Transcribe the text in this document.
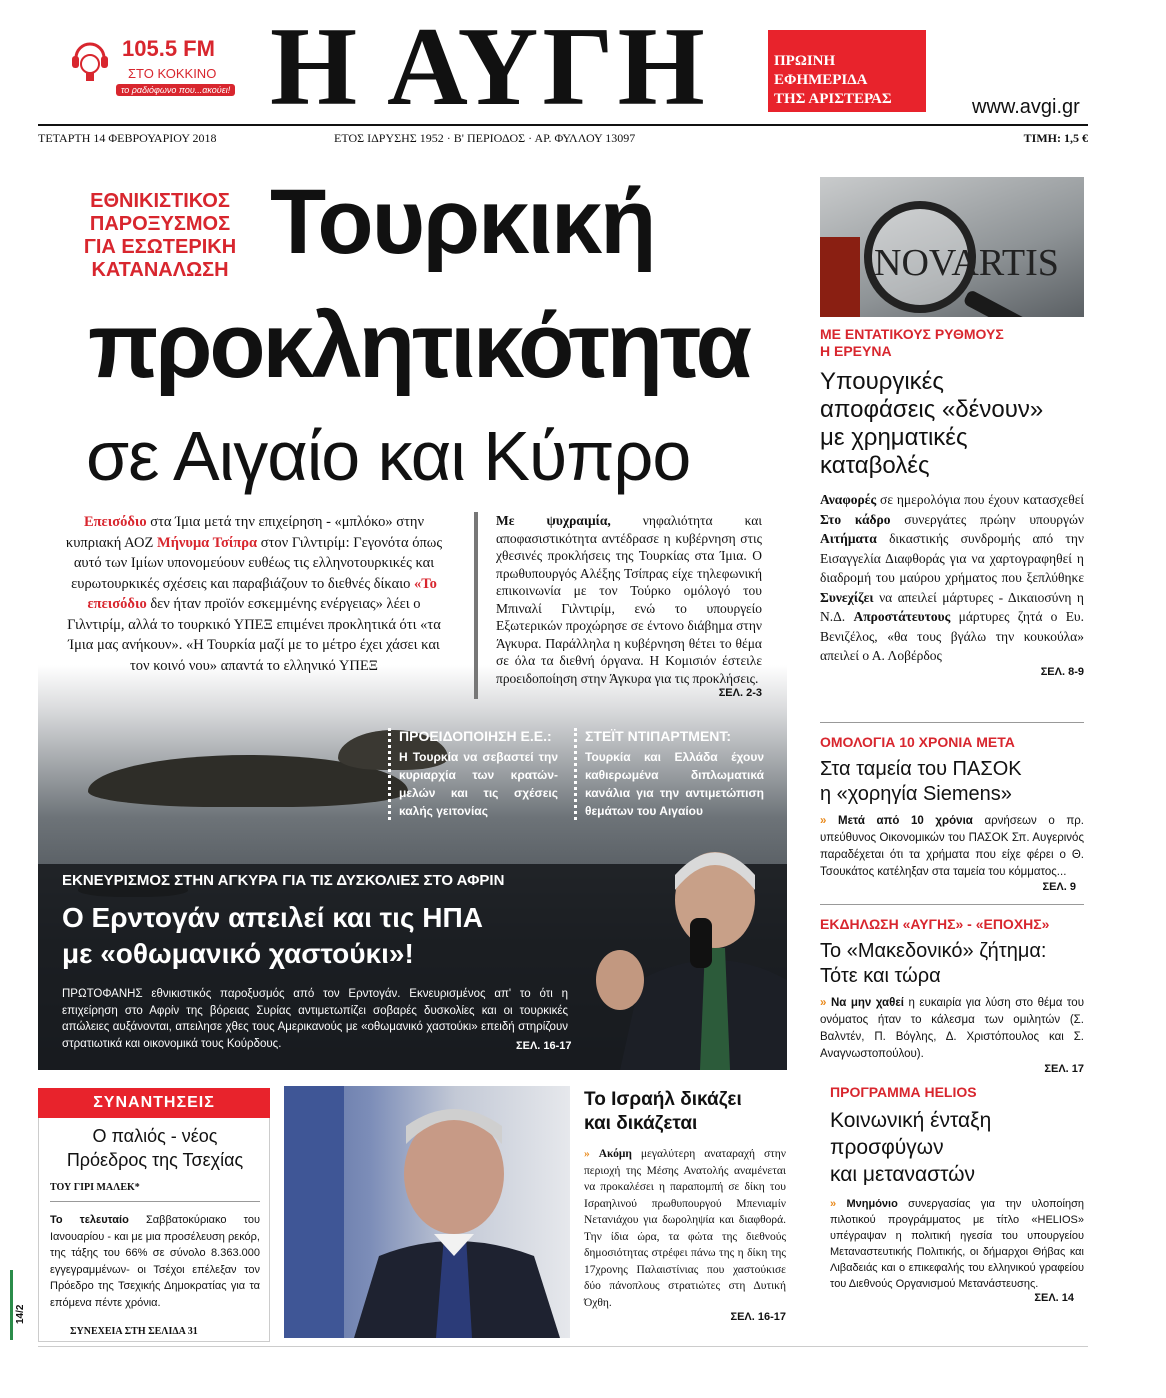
105.5 FM
ΣΤΟ ΚΟΚΚΙΝΟ
το ραδιόφωνο που...ακούει! Η ΑΥΓΗ	ΠΡΩΙΝΗ
ΕΦΗΜΕΡΙΔΑ
ΤΗΣ ΑΡΙΣΤΕΡΑΣ	www.avgi.gr
ΤΕΤΑΡΤΗ 14 ΦΕΒΡΟΥΑΡΙΟΥ 2018	ΕΤΟΣ ΙΔΡΥΣΗΣ 1952 · Β' ΠΕΡΙΟΔΟΣ · ΑΡ. ΦΥΛΛΟΥ 13097	ΤΙΜΗ: 1,5 €
ΕΘΝΙΚΙΣΤΙΚΟΣ
ΠΑΡΟΞΥΣΜΟΣ
ΓΙΑ ΕΣΩΤΕΡΙΚΗ
ΚΑΤΑΝΑΛΩΣΗ Τουρκική
προκλητικότητα
σε Αιγαίο και Κύπρο
Επεισόδιο στα Ίμια μετά την επιχείρηση - «μπλόκο» στην κυπριακή ΑΟΖ Μήνυμα Τσίπρα στον Γιλντιρίμ: Γεγονότα όπως αυτό των Ιμίων υπονομεύουν ευθέως τις ελληνοτουρκικές και ευρωτουρκικές σχέσεις και παραβιάζουν το διεθνές δίκαιο «Το επεισόδιο δεν ήταν προϊόν εσκεμμένης ενέργειας» λέει ο Γιλντιρίμ, αλλά το τουρκικό ΥΠΕΞ επιμένει προκλητικά ότι «τα Ίμια μας ανήκουν». «Η Τουρκία μαζί με το μέτρο έχει χάσει και τον κοινό νου» απαντά το ελληνικό ΥΠΕΞ
Με ψυχραιμία, νηφαλιότητα και αποφασιστικότητα αντέδρασε η κυβέρνηση στις χθεσινές προκλήσεις της Τουρκίας στα Ίμια. Ο πρωθυπουργός Αλέξης Τσίπρας είχε τηλεφωνική επικοινωνία με τον Τούρκο ομόλογό του Μπιναλί Γιλντιρίμ, ενώ το υπουργείο Εξωτερικών προχώρησε σε έντονο διάβημα στην Άγκυρα. Παράλληλα η κυβέρνηση θέτει το θέμα σε όλα τα διεθνή όργανα. Η Κομισιόν έστειλε προειδοποίηση στην Άγκυρα για τις προκλήσεις.
ΣΕΛ. 2-3
ΠΡΟΕΙΔΟΠΟΙΗΣΗ Ε.Ε.:
Η Τουρκία να σεβαστεί την κυριαρχία των κρατών-μελών και τις σχέσεις καλής γειτονίας
ΣΤΕΪΤ ΝΤΙΠΑΡΤΜΕΝΤ:
Τουρκία και Ελλάδα έχουν καθιερωμένα διπλωματικά κανάλια για την αντιμετώπιση θεμάτων του Αιγαίου
ΕΚΝΕΥΡΙΣΜΟΣ ΣΤΗΝ ΑΓΚΥΡΑ ΓΙΑ ΤΙΣ ΔΥΣΚΟΛΙΕΣ ΣΤΟ ΑΦΡΙΝ
Ο Ερντογάν απειλεί και τις ΗΠΑ
με «οθωμανικό χαστούκι»!
ΠΡΩΤΟΦΑΝΗΣ εθνικιστικός παροξυσμός από τον Ερντογάν. Εκνευρισμένος απ' το ότι η επιχείρηση στο Αφρίν της βόρειας Συρίας αντιμετωπίζει σοβαρές δυσκολίες και οι τουρκικές απώλειες αυξάνονται, απειλησε χθες τους Αμερικανούς με «οθωμανικό χαστούκι» επειδή στηρίζουν στρατιωτικά και οικονομικά τους Κούρδους.	ΣΕΛ. 16-17
NOVARTIS
ΜΕ ΕΝΤΑΤΙΚΟΥΣ ΡΥΘΜΟΥΣ
Η ΕΡΕΥΝΑ
Υπουργικές
αποφάσεις «δένουν»
με χρηματικές
καταβολές
Αναφορές σε ημερολόγια που έχουν κατασχεθεί Στο κάδρο συνεργάτες πρώην υπουργών Αιτήματα δικαστικής συνδρομής από την Εισαγγελία Διαφθοράς για να χαρτογραφηθεί η διαδρομή του μαύρου χρήματος που ξεπλύθηκε Συνεχίζει να απειλεί μάρτυρες - Δικαιοσύνη η Ν.Δ. Απροστάτευτους μάρτυρες ζητά ο Ευ. Βενιζέλος, «θα τους βγάλω την κουκούλα» απειλεί ο Α. Λοβέρδος
ΣΕΛ. 8-9
ΟΜΟΛΟΓΙΑ 10 ΧΡΟΝΙΑ ΜΕΤΑ
Στα ταμεία του ΠΑΣΟΚ
η «χορηγία Siemens»
» Μετά από 10 χρόνια αρνήσεων ο πρ. υπεύθυνος Οικονομικών του ΠΑΣΟΚ Σπ. Αυγερινός παραδέχεται ότι τα χρήματα που είχε φέρει ο Θ. Τσουκάτος κατέληξαν στα ταμεία του κόμματος...
ΣΕΛ. 9
ΕΚΔΗΛΩΣΗ «ΑΥΓΗΣ» - «ΕΠΟΧΗΣ»
Το «Μακεδονικό» ζήτημα:
Τότε και τώρα
» Να μην χαθεί η ευκαιρία για λύση στο θέμα του ονόματος ήταν το κάλεσμα των ομιλητών (Σ. Βαλντέν, Π. Βόγλης, Δ. Χριστόπουλος και Σ. Αναγνωστοπούλου).
ΣΕΛ. 17
ΣΥΝΑΝΤΗΣΕΙΣ
Ο παλιός - νέος
Πρόεδρος της Τσεχίας
ΤΟΥ ΓΙΡΙ ΜΑΛΕΚ*
Το τελευταίο Σαββατοκύριακο του Ιανουαρίου - και με μια προσέλευση ρεκόρ, της τάξης του 66% σε σύνολο 8.363.000 εγγεγραμμένων- οι Τσέχοι επέλεξαν τον Πρόεδρο της Τσεχικής Δημοκρατίας για τα επόμενα πέντε χρόνια.
ΣΥΝΕΧΕΙΑ ΣΤΗ ΣΕΛΙΔΑ 31
14/2
Το Ισραήλ δικάζει
και δικάζεται
» Ακόμη μεγαλύτερη αναταραχή στην περιοχή της Μέσης Ανατολής αναμένεται να προκαλέσει η παραπομπή σε δίκη του Ισραηλινού πρωθυπουργού Μπενιαμίν Νετανιάχου για δωροληψία και διαφθορά. Την ίδια ώρα, τα φώτα της διεθνούς δημοσιότητας στρέφει πάνω της η δίκη της 17χρονης Παλαιστίνιας που χαστούκισε δύο πάνοπλους στρατιώτες στη Δυτική Όχθη.
ΣΕΛ. 16-17
ΠΡΟΓΡΑΜΜΑ HELIOS
Κοινωνική ένταξη
προσφύγων
και μεταναστών
» Μνημόνιο συνεργασίας για την υλοποίηση πιλοτικού προγράμματος με τίτλο «HELIOS» υπέγραψαν η πολιτική ηγεσία του υπουργείου Μεταναστευτικής Πολιτικής, οι δήμαρχοι Θήβας και Λιβαδειάς και ο επικεφαλής του ελληνικού γραφείου του Διεθνούς Οργανισμού Μετανάστευσης.
ΣΕΛ. 14
